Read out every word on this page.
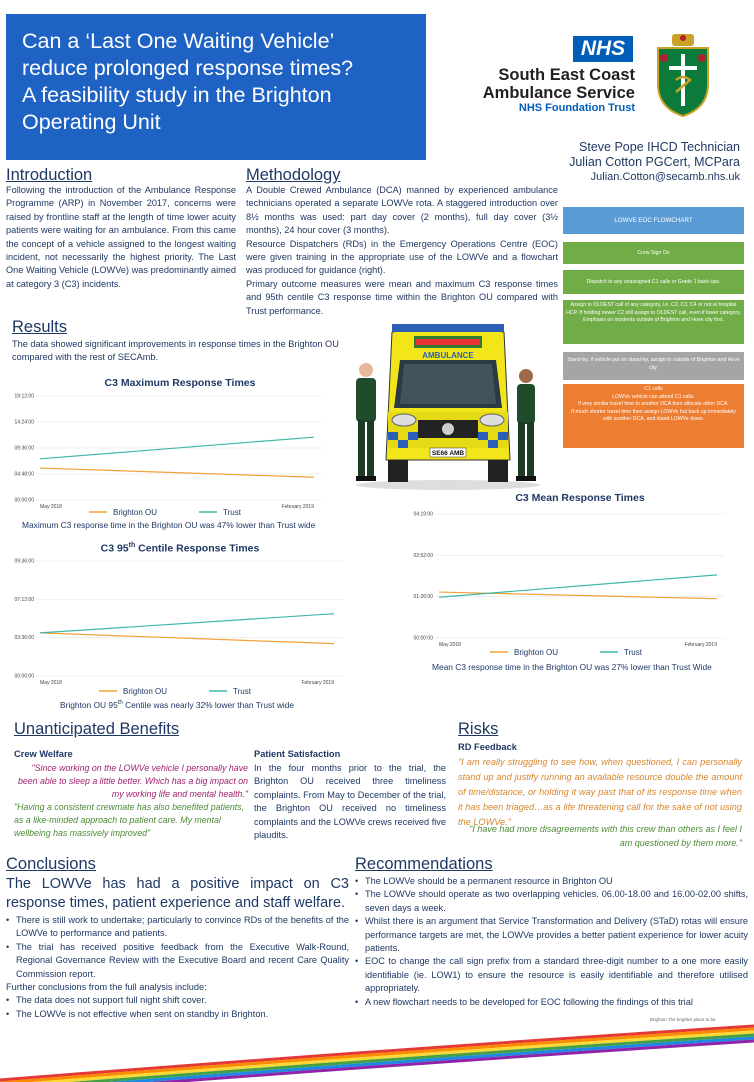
Can a ‘Last One Waiting Vehicle’
reduce prolonged response times?
A feasibility study in the Brighton
Operating Unit
NHS
South East Coast
Ambulance Service
NHS Foundation Trust
Steve Pope IHCD Technician
Julian Cotton PGCert, MCPara
Julian.Cotton@secamb.nhs.uk
Introduction
Following the introduction of the Ambulance Response Programme (ARP) in November 2017, concerns were raised by frontline staff at the length of time lower acuity patients were waiting for an ambulance. From this came the concept of a vehicle assigned to the longest waiting incident, not necessarily the highest priority. The Last One Waiting Vehicle (LOWVe) was predominantly aimed at category 3 (C3) incidents.
Methodology
A Double Crewed Ambulance (DCA) manned by experienced ambulance technicians operated a separate LOWVe rota. A staggered introduction over 8½ months was used: part day cover (2 months), full day cover (3½ months), 24 hour cover (3 months).
Resource Dispatchers (RDs) in the Emergency Operations Centre (EOC) were given training in the appropriate use of the LOWVe and a flowchart was produced for guidance (right).
Primary outcome measures were mean and maximum C3 response times and 95th centile C3 response time within the Brighton OU compared with Trust performance.
LOWVE EOC FLOWCHART
Crew Sign On
Dispatch to any unassigned C1 calls or Grade 1 back-ups.
Assign to OLDEST call of any category, i.e. C2, C3, C4 or not at hospital HCP. If holding newer C2 still assign to OLDEST call, even if lower category. Emphasis on incidents outside of Brighton and Hove city first.
Stand-by. If vehicle put on stand-by, assign to outside of Brighton and Hove city.
C1 calls
LOWVe vehicle can attend C1 calls.
If very similar travel time to another DCA then allocate other DCA.
If much shorter travel time then assign LOWVe but back up immediately with another DCA, and stand LOWVe down.
Results
The data showed significant improvements in response times in the Brighton OU compared with the rest of SECAmb.	AMBULANCE
SE66 AMB
C3 Maximum Response Times
00:00:00
04:48:00
09:36:00
14:24:00
19:12:00
May 2018	February 2019
Brighton OU	Trust
Maximum C3 response time in the Brighton OU was 47% lower than Trust wide
C3 95th Centile Response Times
00:00:00
03:36:00
07:12:00
09:36:00
May 2018	February 2019
Brighton OU	Trust
Brighton OU 95th Centile was nearly 32% lower than Trust wide
C3 Mean Response Times
00:00:00
01:26:00
02:52:00
04:19:00
May 2018	February 2019
Brighton OU	Trust
Mean C3 response time in the Brighton OU was 27% lower than Trust Wide
Unanticipated Benefits
Crew Welfare
"Since working on the LOWVe vehicle I personally have been able to sleep a little better. Which has a big impact on my working life and mental health."
"Having a consistent crewmate has also benefited patients, as a like-minded approach to patient care. My mental wellbeing has massively improved"
Patient Satisfaction
In the four months prior to the trial, the Brighton OU received three timeliness complaints. From May to December of the trial, the Brighton OU received no timeliness complaints and the LOWVe crews received five plaudits.
Risks
RD Feedback
"I am really struggling to see how, when questioned, I can personally stand up and justify running an available resource double the amount of time/distance, or holding it way past that of its response time when it has been triaged…as a life threatening call for the sake of not using the LOWVe."
"I have had more disagreements with this crew than others as I feel I am questioned by them more."
Conclusions
The LOWVe has had a positive impact on C3 response times, patient experience and staff welfare.
• There is still work to undertake; particularly to convince RDs of the benefits of the LOWVe to performance and patients.
• The trial has received positive feedback from the Executive Walk-Round, Regional Governance Review with the Executive Board and recent Care Quality Commission report.
Further conclusions from the full analysis include:
• The data does not support full night shift cover.
• The LOWVe is not effective when sent on standby in Brighton.
Recommendations
• The LOWVe should be a permanent resource in Brighton OU
• The LOWVe should operate as two overlapping vehicles. 06.00-18.00 and 16.00-02.00 shifts, seven days a week.
• Whilst there is an argument that Service Transformation and Delivery (STaD) rotas will ensure performance targets are met, the LOWVe provides a better patient experience for lower acuity patients.
• EOC to change the call sign prefix from a standard three-digit number to a one more easily identifiable (ie. LOW1) to ensure the resource is easily identifiable and therefore utilised appropriately.
• A new flowchart needs to be developed for EOC following the findings of this trial
Brighton The brighter place to be
